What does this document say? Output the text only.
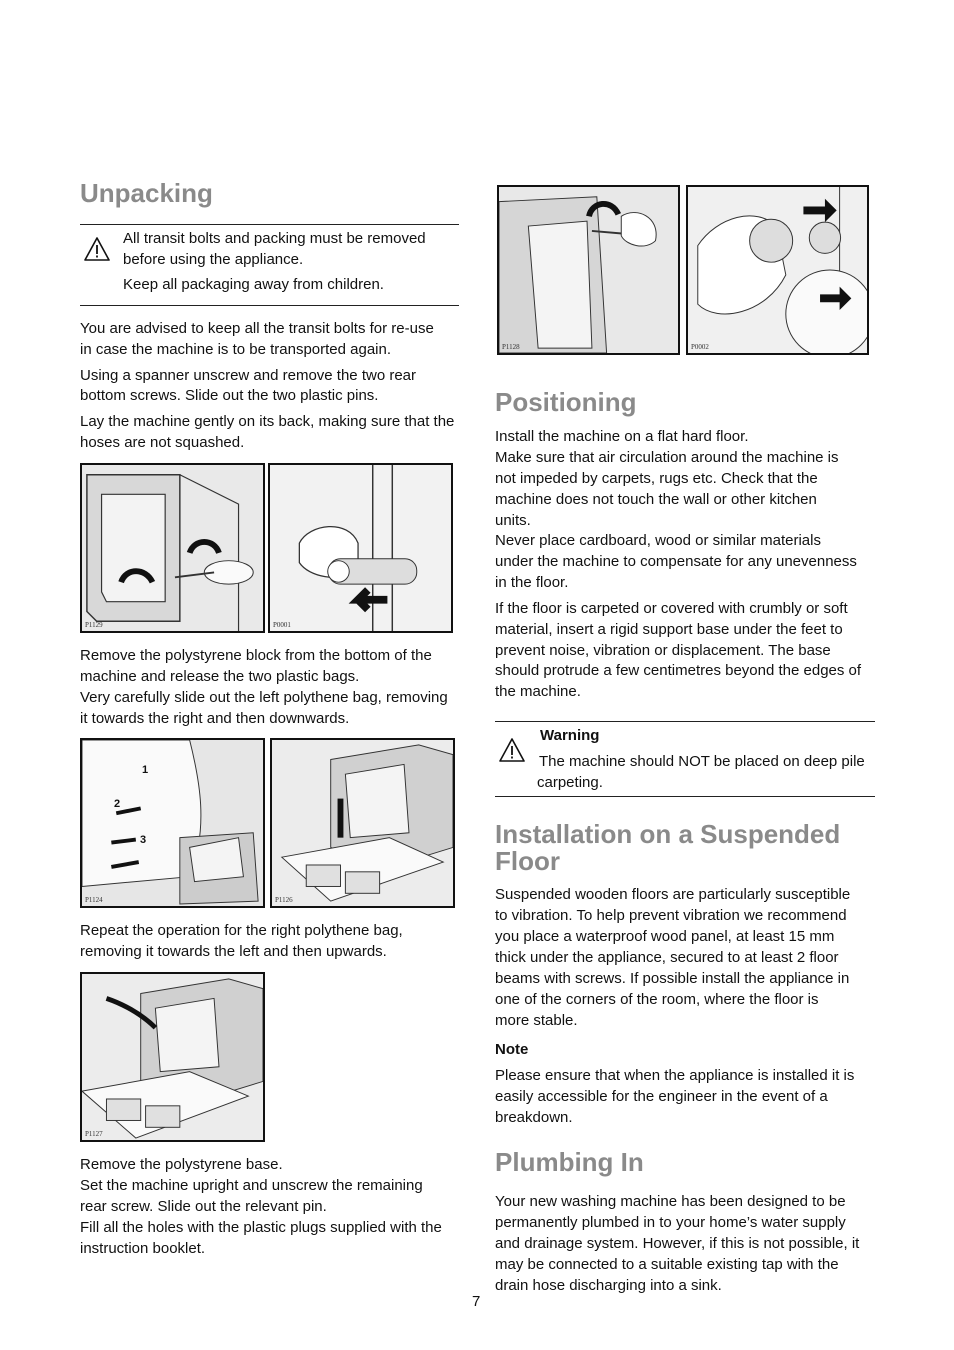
Unpacking

All transit bolts and packing must be removed

before using the appliance.

Keep all packaging away from children.

You are advised to keep all the transit bolts for re-use

in case the machine is to be transported again.

Using a spanner unscrew and remove the two rear

bottom screws. Slide out the two plastic pins.

Lay the machine gently on its back, making sure that the

hoses are not squashed.

P1129	P0001

Remove the polystyrene block from the bottom of the

machine and release the two plastic bags.

Very carefully slide out the left polythene bag, removing

it towards the right and then downwards.

1
2
3
P1124	P1126

Repeat the operation for the right polythene bag,

removing it towards the left and then upwards.

P1127

Remove the polystyrene base.

Set the machine upright and unscrew the remaining

rear screw. Slide out the relevant pin.

Fill all the holes with the plastic plugs supplied with the

instruction booklet.

P1128	P0002
Positioning

Install the machine on a flat hard floor.

Make sure that air circulation around the machine is

not impeded by carpets, rugs etc. Check that the

machine does not touch the wall or other kitchen

units.

Never place cardboard, wood or similar materials

under the machine to compensate for any unevenness

in the floor.

If the floor is carpeted or covered with crumbly or soft

material, insert a rigid support base under the feet to

prevent noise, vibration or displacement. The base

should protrude a few centimetres beyond the edges of

the machine.

Warning

The machine should NOT be placed on deep pile

carpeting.

Installation on a Suspended
Floor

Suspended wooden floors are particularly susceptible

to vibration. To help prevent vibration we recommend

you place a waterproof wood panel, at least 15 mm

thick under the appliance, secured to at least 2 floor

beams with screws. If possible install the appliance in

one of the corners of the room, where the floor is

more stable.

Note

Please ensure that when the appliance is installed it is

easily accessible for the engineer in the event of a

breakdown.

Plumbing In

Your new washing machine has been designed to be

permanently plumbed in to your home’s water supply

and drainage system. However, if this is not possible, it

may be connected to a suitable existing tap with the

drain hose discharging into a sink.

7
